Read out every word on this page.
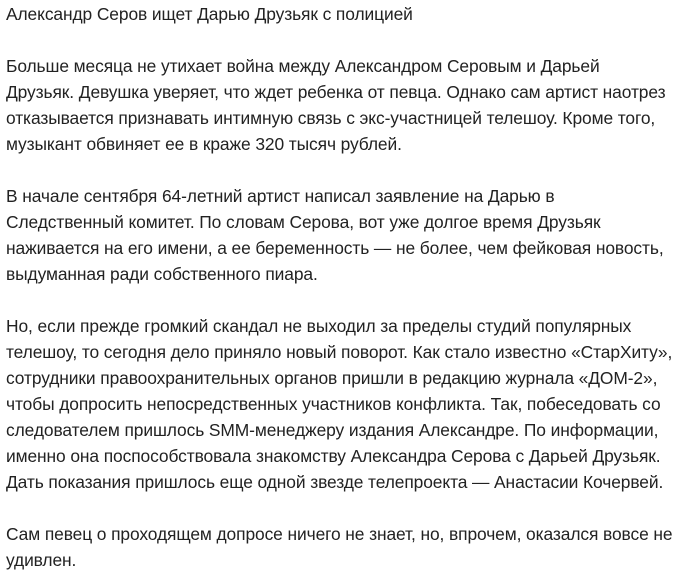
Александр Серов ищет Дарью Друзьяк с полицией

Больше месяца не утихает война между Александром Серовым и Дарьей
Друзьяк. Девушка уверяет, что ждет ребенка от певца. Однако сам артист наотрез
отказывается признавать интимную связь с экс-участницей телешоу. Кроме того,
музыкант обвиняет ее в краже 320 тысяч рублей.

В начале сентября 64-летний артист написал заявление на Дарью в
Следственный комитет. По словам Серова, вот уже долгое время Друзьяк
наживается на его имени, а ее беременность — не более, чем фейковая новость,
выдуманная ради собственного пиара.

Но, если прежде громкий скандал не выходил за пределы студий популярных
телешоу, то сегодня дело приняло новый поворот. Как стало известно «СтарХиту»,
сотрудники правоохранительных органов пришли в редакцию журнала «ДОМ-2»,
чтобы допросить непосредственных участников конфликта. Так, побеседовать со
следователем пришлось SMM-менеджеру издания Александре. По информации,
именно она поспособствовала знакомству Александра Серова с Дарьей Друзьяк.
Дать показания пришлось еще одной звезде телепроекта — Анастасии Кочервей.

Сам певец о проходящем допросе ничего не знает, но, впрочем, оказался вовсе не
удивлен.
